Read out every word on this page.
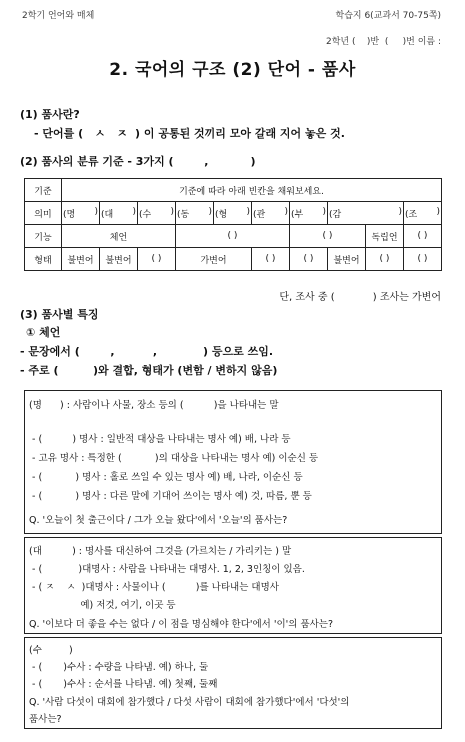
2학기 언어와 매체	학습지 6(교과서 70-75쪽)
2학년 (    )반  (     )번 이름 :
2. 국어의 구조 (2) 단어 - 품사
(1) 품사란?
- 단어를 (   ㅅ   ㅈ  ) 이 공통된 것끼리 모아 갈래 지어 놓은 것.
(2) 품사의 분류 기준 - 3가지 (        ,           )
기준	기준에 따라 아래 빈칸을 채워보세요.									
의미	(명 )	(대 )	(수 )	(동 )	(형 )	(관 )	(부 )	(감 )		(조 )

기능	체언			( )			( )		독립언	( )
형태	불변어	불변어	( )	가변어		( )	( )	불변어	( )	( )
단, 조사 중 (            ) 조사는 가변어
(3) 품사별 특징
① 체언
- 문장에서 (        ,          ,            ) 등으로 쓰임.
- 주로 (         )와 결합, 형태가 (변함 / 변하지 않음)
(명      ) : 사람이나 사물, 장소 등의 (          )을 나타내는 말
- (          ) 명사 : 일반적 대상을 나타내는 명사 예) 배, 나라 등
- 고유 명사 : 특정한 (           )의 대상을 나타내는 명사 예) 이순신 등
- (           ) 명사 : 홀로 쓰일 수 있는 명사 예) 배, 나라, 이순신 등
- (           ) 명사 : 다른 말에 기대어 쓰이는 명사 예) 것, 따름, 뿐 등
Q. '오늘이 첫 출근이다 / 그가 오늘 왔다'에서 '오늘'의 품사는?
(대          ) : 명사를 대신하여 그것을 (가르치는 / 가리키는 ) 말
- (            )대명사 : 사람을 나타내는 대명사. 1, 2, 3인칭이 있음.
- ( ㅈ    ㅅ  )대명사 : 사물이나 (          )를 나타내는 대명사
예) 저것, 여기, 이곳 등
Q. '이보다 더 좋을 수는 없다 / 이 점을 명심해야 한다'에서 '이'의 품사는?
(수         )
- (       )수사 : 수량을 나타냄. 예) 하나, 둘
- (       )수사 : 순서를 나타냄. 예) 첫째, 둘째
Q. '사람 다섯이 대회에 참가했다 / 다섯 사람이 대회에 참가했다'에서 '다섯'의
품사는?
